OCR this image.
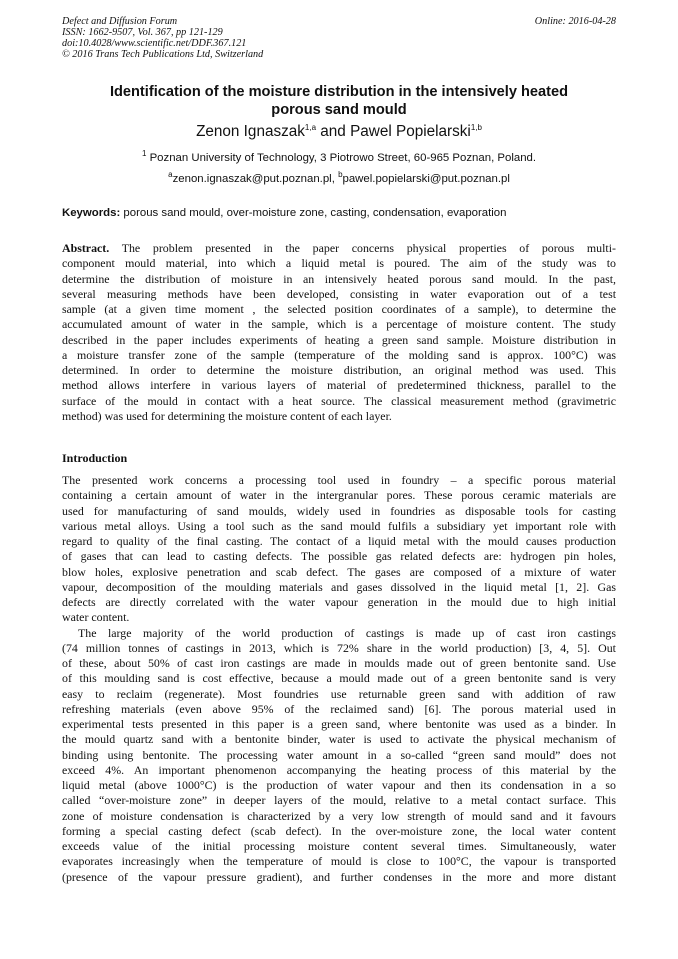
Defect and Diffusion Forum
ISSN: 1662-9507, Vol. 367, pp 121-129
doi:10.4028/www.scientific.net/DDF.367.121
© 2016 Trans Tech Publications Ltd, Switzerland
Online: 2016-04-28
Identification of the moisture distribution in the intensively heated
porous sand mould
Zenon Ignaszak$^{1,a}$ and Pawel Popielarski$^{1,b}$
$^1$ Poznan University of Technology, 3 Piotrowo Street, 60-965 Poznan, Poland.
$^a$zenon.ignaszak@put.poznan.pl, $^b$pawel.popielarski@put.poznan.pl
Keywords: porous sand mould, over-moisture zone, casting, condensation, evaporation
Abstract. The problem presented in the paper concerns physical properties of porous multi-
component mould material, into which a liquid metal is poured. The aim of the study was to
determine the distribution of moisture in an intensively heated porous sand mould. In the past,
several measuring methods have been developed, consisting in water evaporation out of a test
sample (at a given time moment , the selected position coordinates of a sample), to determine the
accumulated amount of water in the sample, which is a percentage of moisture content. The study
described in the paper includes experiments of heating a green sand sample. Moisture distribution in
a moisture transfer zone of the sample (temperature of the molding sand is approx. 100°C) was
determined. In order to determine the moisture distribution, an original method was used. This
method allows interfere in various layers of material of predetermined thickness, parallel to the
surface of the mould in contact with a heat source. The classical measurement method (gravimetric
method) was used for determining the moisture content of each layer.
Introduction
The presented work concerns a processing tool used in foundry – a specific porous material
containing a certain amount of water in the intergranular pores. These porous ceramic materials are
used for manufacturing of sand moulds, widely used in foundries as disposable tools for casting
various metal alloys. Using a tool such as the sand mould fulfils a subsidiary yet important role with
regard to quality of the final casting. The contact of a liquid metal with the mould causes production
of gases that can lead to casting defects. The possible gas related defects are: hydrogen pin holes,
blow holes, explosive penetration and scab defect. The gases are composed of a mixture of water
vapour, decomposition of the moulding materials and gases dissolved in the liquid metal [1, 2]. Gas
defects are directly correlated with the water vapour generation in the mould due to high initial
water content.
The large majority of the world production of castings is made up of cast iron castings
(74 million tonnes of castings in 2013, which is 72% share in the world production) [3, 4, 5]. Out
of these, about 50% of cast iron castings are made in moulds made out of green bentonite sand. Use
of this moulding sand is cost effective, because a mould made out of a green bentonite sand is very
easy to reclaim (regenerate). Most foundries use returnable green sand with addition of raw
refreshing materials (even above 95% of the reclaimed sand) [6]. The porous material used in
experimental tests presented in this paper is a green sand, where bentonite was used as a binder. In
the mould quartz sand with a bentonite binder, water is used to activate the physical mechanism of
binding using bentonite. The processing water amount in a so-called “green sand mould” does not
exceed 4%. An important phenomenon accompanying the heating process of this material by the
liquid metal (above 1000°C) is the production of water vapour and then its condensation in a so
called “over-moisture zone” in deeper layers of the mould, relative to a metal contact surface. This
zone of moisture condensation is characterized by a very low strength of mould sand and it favours
forming a special casting defect (scab defect). In the over-moisture zone, the local water content
exceeds value of the initial processing moisture content several times. Simultaneously, water
evaporates increasingly when the temperature of mould is close to 100°C, the vapour is transported
(presence of the vapour pressure gradient), and further condenses in the more and more distant
